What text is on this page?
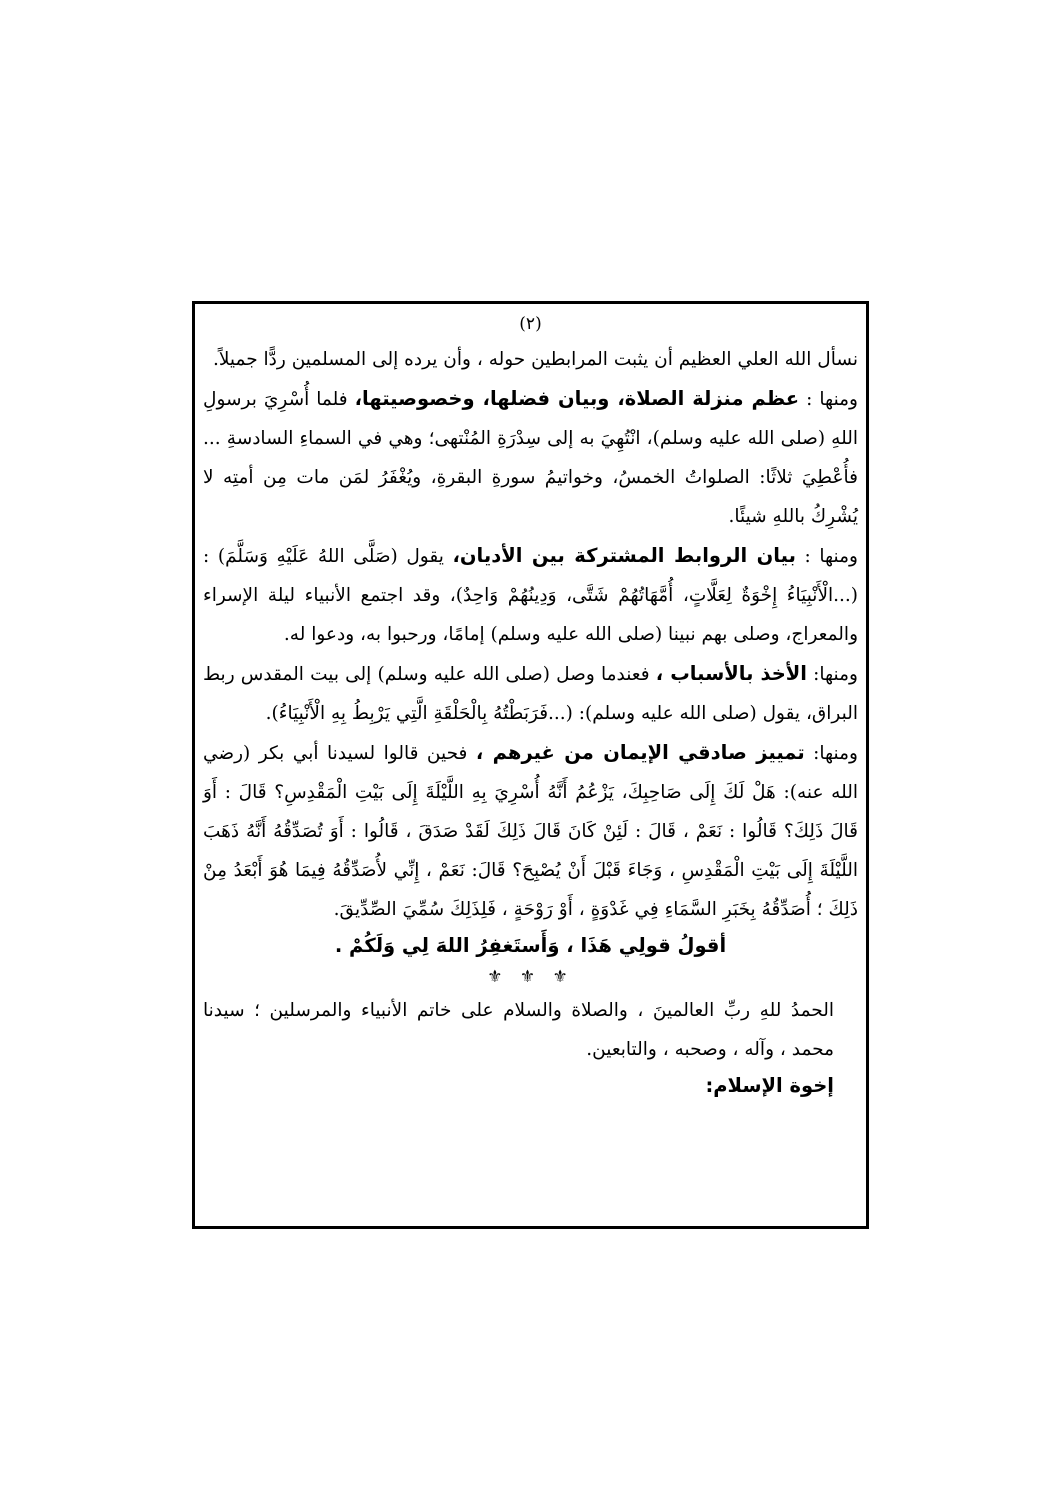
(٢)

نسأل الله العلي العظيم أن يثبت المرابطين حوله ، وأن يرده إلى المسلمين ردًّا جميلاً.

ومنها : عظم منزلة الصلاة، وبيان فضلها، وخصوصيتها، فلما أُسْرِيَ برسولِ اللهِ (صلى الله عليه وسلم)، انْتُهِيَ به إلى سِدْرَةِ المُنْتهى؛ وهي في السماءِ السادسةِ ... فأُعْطِيَ ثلاثًا: الصلواتُ الخمسُ، وخواتيمُ سورةِ البقرةِ، ويُغْفَرُ لمَن مات مِن أمتِه لا يُشْرِكُ باللهِ شيئًا.

ومنها : بيان الروابط المشتركة بين الأديان، يقول (صَلَّى اللهُ عَلَيْهِ وَسَلَّمَ) : (...الْأَنْبِيَاءُ إِخْوَةٌ لِعَلَّاتٍ، أُمَّهَاتُهُمْ شَتَّى، وَدِينُهُمْ وَاحِدٌ)، وقد اجتمع الأنبياء ليلة الإسراء والمعراج، وصلى بهم نبينا (صلى الله عليه وسلم) إمامًا، ورحبوا به، ودعوا له.

ومنها: الأخذ بالأسباب ، فعندما وصل (صلى الله عليه وسلم) إلى بيت المقدس ربط البراق، يقول (صلى الله عليه وسلم): (...فَرَبَطْتُهُ بِالْحَلْقَةِ الَّتِي يَرْبِطُ بِهِ الْأَنْبِيَاءُ).

ومنها: تمييز صادقي الإيمان من غيرهم ، فحين قالوا لسيدنا أبي بكر (رضي الله عنه): هَلْ لَكَ إِلَى صَاحِبِكَ، يَزْعُمُ أَنَّهُ أُسْرِيَ بِهِ اللَّيْلَةَ إِلَى بَيْتِ الْمَقْدِسِ؟ قَالَ : أَوَ قَالَ ذَلِكَ؟ قَالُوا : نَعَمْ ، قَالَ : لَئِنْ كَانَ قَالَ ذَلِكَ لَقَدْ صَدَقَ ، قَالُوا : أَوَ تُصَدِّقُهُ أَنَّهُ ذَهَبَ اللَّيْلَةَ إِلَى بَيْتِ الْمَقْدِسِ ، وَجَاءَ قَبْلَ أَنْ يُصْبِحَ؟ قَالَ: نَعَمْ ، إِنِّي لأُصَدِّقُهُ فِيمَا هُوَ أَبْعَدُ مِنْ ذَلِكَ ؛ أُصَدِّقُهُ بِخَبَرِ السَّمَاءِ فِي غَدْوَةٍ ، أَوْ رَوْحَةٍ ، فَلِذَلِكَ سُمِّيَ الصِّدِّيقَ.

أقولُ قولِي هَذَا ، وَأَستَغفِرُ اللهَ لِي وَلَكُمْ .
⚜ ⚜ ⚜

الحمدُ للهِ ربِّ العالمينَ ، والصلاة والسلام على خاتم الأنبياء والمرسلين ؛ سيدنا محمد ، وآله ، وصحبه ، والتابعين.

إخوة الإسلام:
